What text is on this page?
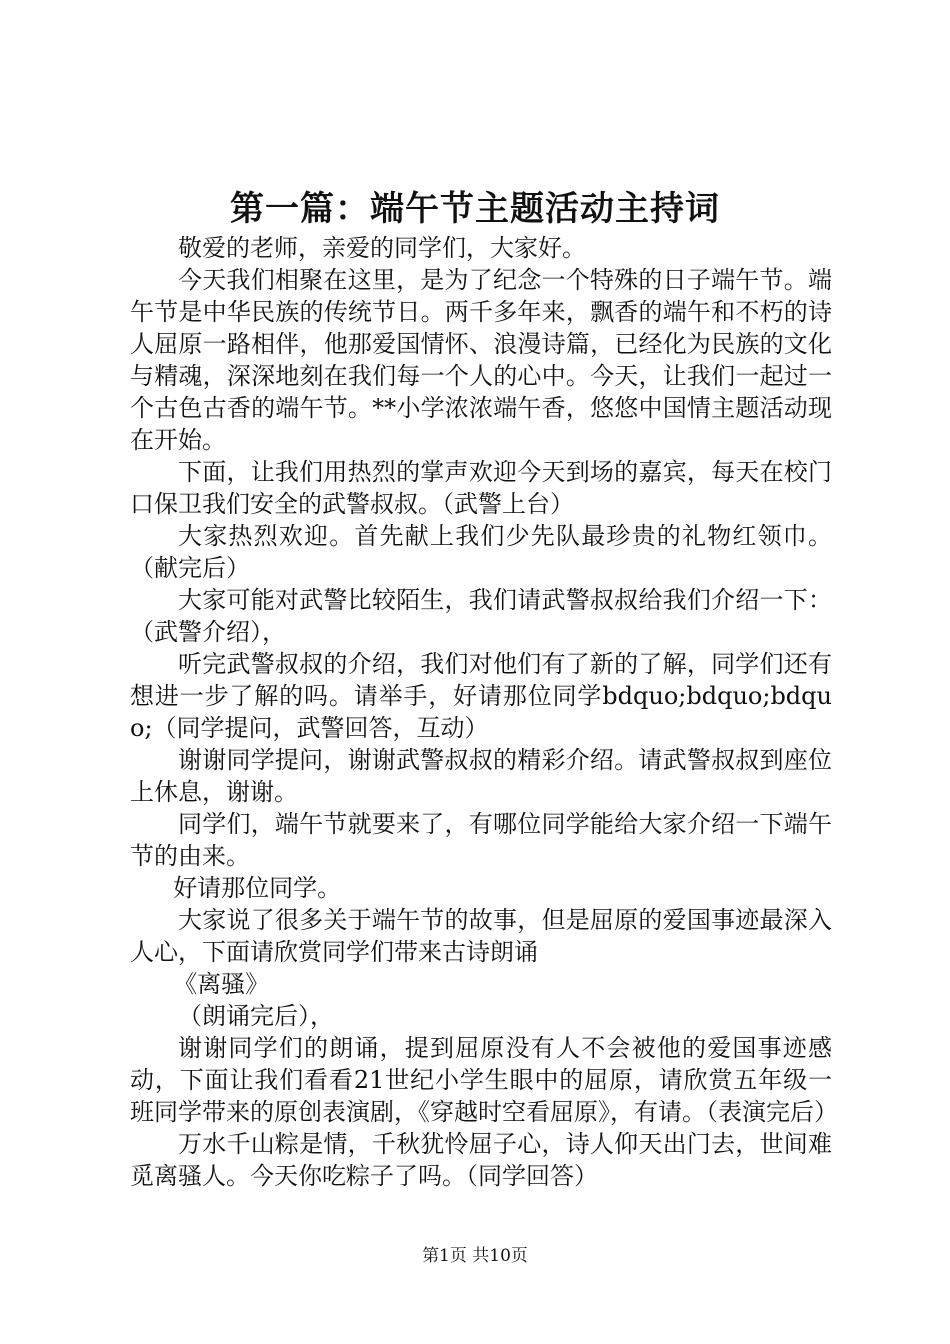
第一篇：端午节主题活动主持词

敬爱的老师，亲爱的同学们，大家好。

今天我们相聚在这里，是为了纪念一个特殊的日子端午节。端午节是中华民族的传统节日。两千多年来，飘香的端午和不朽的诗人屈原一路相伴，他那爱国情怀、浪漫诗篇，已经化为民族的文化与精魂，深深地刻在我们每一个人的心中。今天，让我们一起过一个古色古香的端午节。**小学浓浓端午香，悠悠中国情主题活动现在开始。

下面，让我们用热烈的掌声欢迎今天到场的嘉宾，每天在校门口保卫我们安全的武警叔叔。（武警上台）

大家热烈欢迎。首先献上我们少先队最珍贵的礼物红领巾。（献完后）

大家可能对武警比较陌生，我们请武警叔叔给我们介绍一下：（武警介绍），

听完武警叔叔的介绍，我们对他们有了新的了解，同学们还有想进一步了解的吗。请举手，好请那位同学bdquo;bdquo;bdquo;（同学提问，武警回答，互动）

谢谢同学提问，谢谢武警叔叔的精彩介绍。请武警叔叔到座位上休息，谢谢。

同学们，端午节就要来了，有哪位同学能给大家介绍一下端午节的由来。

好请那位同学。

大家说了很多关于端午节的故事，但是屈原的爱国事迹最深入人心，下面请欣赏同学们带来古诗朗诵

《离骚》

（朗诵完后），

谢谢同学们的朗诵，提到屈原没有人不会被他的爱国事迹感动，下面让我们看看21世纪小学生眼中的屈原，请欣赏五年级一班同学带来的原创表演剧，《穿越时空看屈原》，有请。（表演完后）

万水千山粽是情，千秋犹怜屈子心，诗人仰天出门去，世间难觅离骚人。今天你吃粽子了吗。（同学回答）

第1页 共10页
